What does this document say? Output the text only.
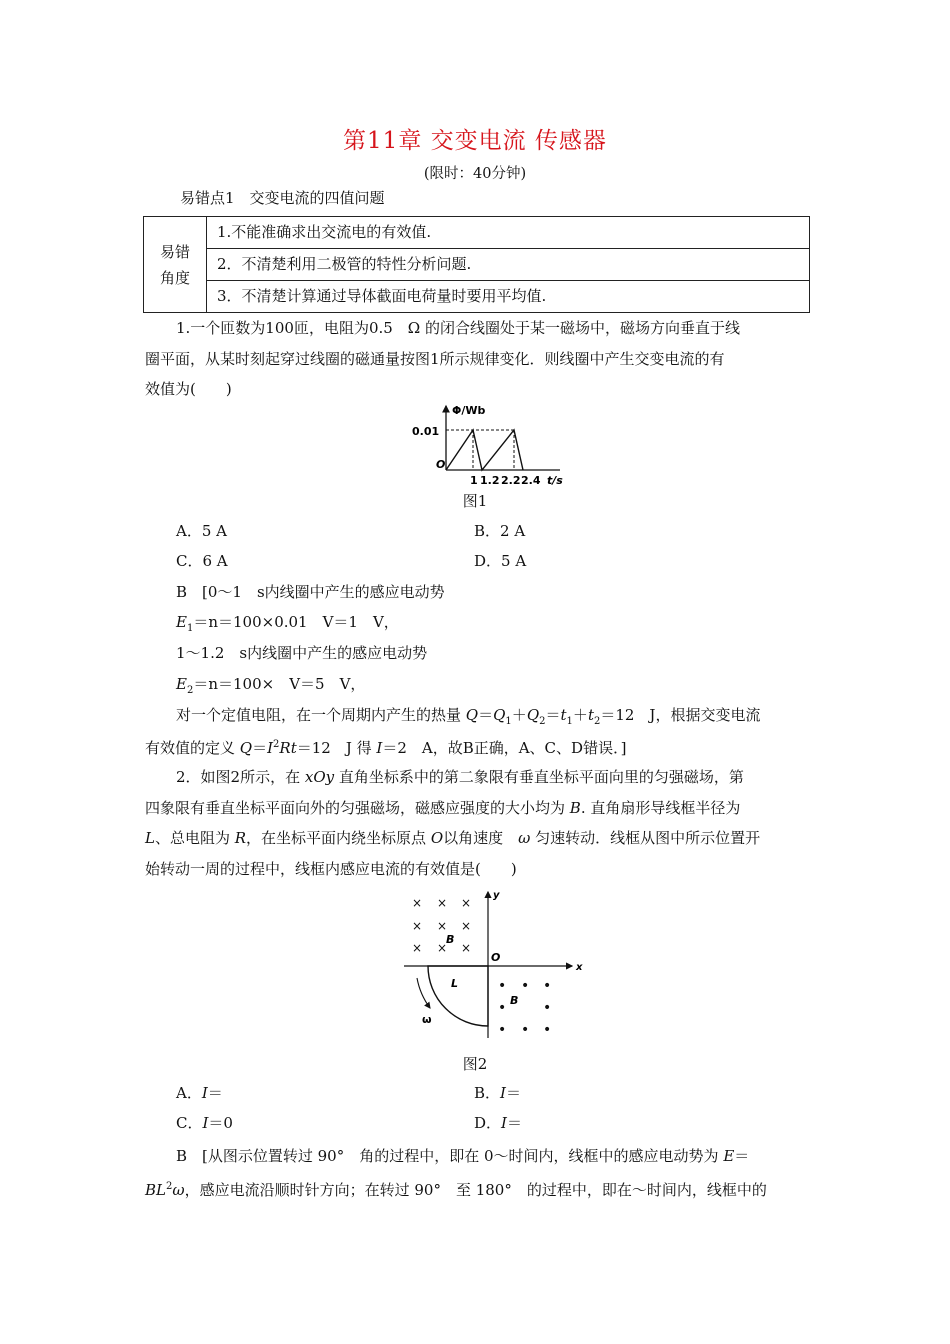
第11章 交变电流 传感器
(限时：40分钟)
易错点1　交变电流的四值问题
易错
角度

1.不能准确求出交流电的有效值.
2．不清楚利用二极管的特性分析问题.
3．不清楚计算通过导体截面电荷量时要用平均值.
1.一个匝数为100匝，电阻为0.5　Ω 的闭合线圈处于某一磁场中，磁场方向垂直于线
圈平面，从某时刻起穿过线圈的磁通量按图1所示规律变化．则线圈中产生交变电流的有
效值为(　　)
Φ/Wb
0.01
O
1 1.2 2.2 2.4 t/s
图1
A．5 A	B．2 A
C．6 A	D．5 A
B　[0～1　s内线圈中产生的感应电动势
$E_1=n=100\times 0.01$　V＝1　V，
1～1.2　s内线圈中产生的感应电动势
$E_2=n=100\times$　V＝5　V，
对一个定值电阻，在一个周期内产生的热量 $Q=Q_1+Q_2=t_1+t_2=12$　J，根据交变电流
有效值的定义 $Q=I^2Rt=12$　J 得 I＝2　A，故B正确，A、C、D错误．]
2．如图2所示，在 xOy 直角坐标系中的第二象限有垂直坐标平面向里的匀强磁场，第
四象限有垂直坐标平面向外的匀强磁场，磁感应强度的大小均为 B. 直角扇形导线框半径为
L、总电阻为 R，在坐标平面内绕坐标原点 O以角速度　ω 匀速转动．线框从图中所示位置开
始转动一周的过程中，线框内感应电流的有效值是(　　)
x
y
O
× × ×
× × ×
× × ×
B
• • •
•	•
• • •
B
L
ω
图2
A．I＝	B．I＝
C．I＝0	D．I＝
B　[从图示位置转过 90°　角的过程中，即在 0～时间内，线框中的感应电动势为 E＝
$BL^2\omega$，感应电流沿顺时针方向；在转过 90°　至 180°　的过程中，即在～时间内，线框中的
